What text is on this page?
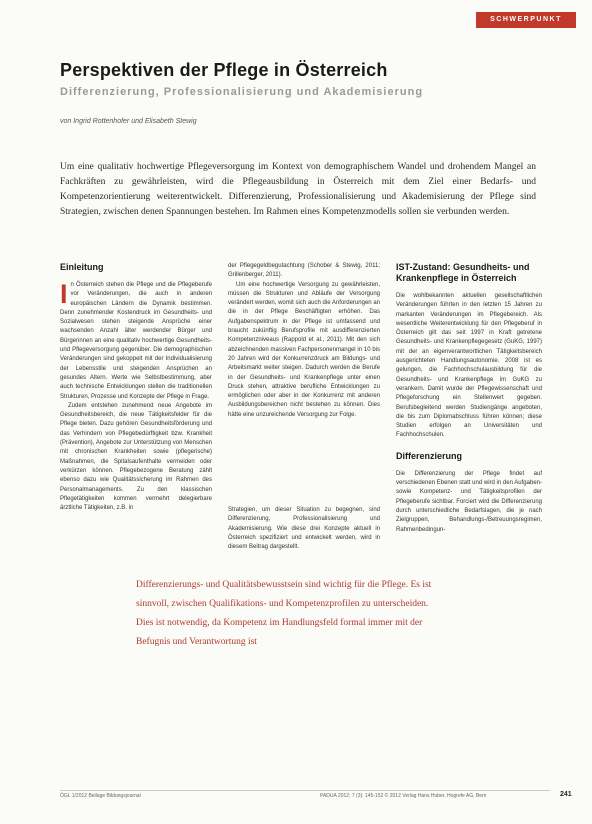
SCHWERPUNKT
Perspektiven der Pflege in Österreich
Differenzierung, Professionalisierung und Akademisierung
von Ingrid Rottenhofer und Elisabeth Stewig
Um eine qualitativ hochwertige Pflegeversorgung im Kontext von demographischem Wandel und drohendem Mangel an Fachkräften zu gewährleisten, wird die Pflegeausbildung in Österreich mit dem Ziel einer Bedarfs- und Kompetenzorientierung weiterentwickelt. Differenzierung, Professionalisierung und Akademisierung der Pflege sind Strategien, zwischen denen Spannungen bestehen. Im Rahmen eines Kompetenzmodells sollen sie verbunden werden.
Einleitung

In Österreich stehen die Pflege und die Pflegeberufe vor Veränderungen, die auch in anderen europäischen Ländern die Dynamik bestimmen. Denn zunehmender Kostendruck im Gesundheits- und Sozialwesen stehen steigende Ansprüche einer wachsenden Anzahl älter werdender Bürger und Bürgerinnen an eine qualitativ hochwertige Gesundheits- und Pflegeversorgung gegenüber. Die demographischen Veränderungen sind gekoppelt mit der Individualisierung der Lebensstile und steigenden Ansprüchen an gesundes Altern. Werte wie Selbstbestimmung, aber auch technische Entwicklungen stellen die traditionellen Strukturen, Prozesse und Konzepte der Pflege in Frage.

Zudem entstehen zunehmend neue Angebote im Gesundheitsbereich, die neue Tätigkeitsfelder für die Pflege bieten. Dazu gehören Gesundheitsförderung und das Verhindern von Pflegebedürftigkeit bzw. Krankheit (Prävention), Angebote zur Unterstützung von Menschen mit chronischen Krankheiten sowie (pflegerische) Maßnahmen, die Spitalsaufenthalte vermeiden oder verkürzen können. Pflegebezogene Beratung zählt ebenso dazu wie Qualitätssicherung im Rahmen des Personalmanagements. Zu den klassischen Pflegetätigkeiten kommen vermehrt delegierbare ärztliche Tätigkeiten, z.B. in

der Pflegegeldbegutachtung (Schober & Stewig, 2011; Grillenberger, 2011).

Um eine hochwertige Versorgung zu gewährleisten, müssen die Strukturen und Abläufe der Versorgung verändert werden, womit sich auch die Anforderungen an die in der Pflege Beschäftigten erhöhen. Das Aufgabenspektrum in der Pflege ist umfassend und braucht zukünftig Berufsprofile mit ausdifferenzierten Kompetenzniveaus (Rappold et al., 2011). Mit den sich abzeichnenden massiven Fachpersonenmangel in 10 bis 20 Jahren wird der Konkurrenzdruck am Bildungs- und Arbeitsmarkt weiter steigen. Dadurch werden die Berufe in der Gesundheits- und Krankenpflege unter einen Druck stehen, attraktive berufliche Entwicklungen zu ermöglichen oder aber in der Konkurrenz mit anderen Ausbildungsbereichen nicht bestehen zu können. Dies hätte eine unzureichende Versorgung zur Folge.

Strategien, um dieser Situation zu begegnen, sind Differenzierung, Professionalisierung und Akademisierung. Wie diese drei Konzepte aktuell in Österreich spezifiziert und entwickelt werden, wird in diesem Beitrag dargestellt.

IST-Zustand: Gesundheits- und Krankenpflege in Österreich

Die wohlbekannten aktuellen gesellschaftlichen Veränderungen führten in den letzten 15 Jahren zu markanten Veränderungen im Pflegebereich. Als wesentliche Weiterentwicklung für den Pflegeberuf in Österreich gilt das seit 1997 in Kraft getretene Gesundheits- und Krankenpflegegesetz (GuKG, 1997) mit der an eigenverantwortlichen Tätigkeitsbereich ausgerichteten Handlungsautonomie. 2008 ist es gelungen, die Fachhochschulausbildung für die Gesundheits- und Krankenpflege im GuKG zu verankern. Damit wurde der Pflegewissenschaft und Pflegeforschung ein Stellenwert gegeben. Berufsbegleitend werden Studiengänge angeboten, die bis zum Diplomabschluss führen können; diese Studien erfolgen an Universitäten und Fachhochschulen.

Differenzierung

Die Differenzierung der Pflege findet auf verschiedenen Ebenen statt und wird in den Aufgaben- sowie Kompetenz- und Tätigkeitsprofilen der Pflegeberufe sichtbar. Forciert wird die Differenzierung durch unterschiedliche Bedarfslagen, die je nach Zielgruppen, Behandlungs-/Betreuungsregimen, Rahmenbedingun-

Differenzierungs- und Qualitätsbewusstsein sind wichtig für die Pflege. Es ist sinnvoll, zwischen Qualifikations- und Kompetenzprofilen zu unterscheiden. Dies ist notwendig, da Kompetenz im Handlungsfeld formal immer mit der Befugnis und Verantwortung ist
ÖGL 1/2012 Beilage Bildungsjournal	PADUA 2012; 7 (3): 145-152 © 2012 Verlag Hans Huber, Hogrefe AG, Bern	241
